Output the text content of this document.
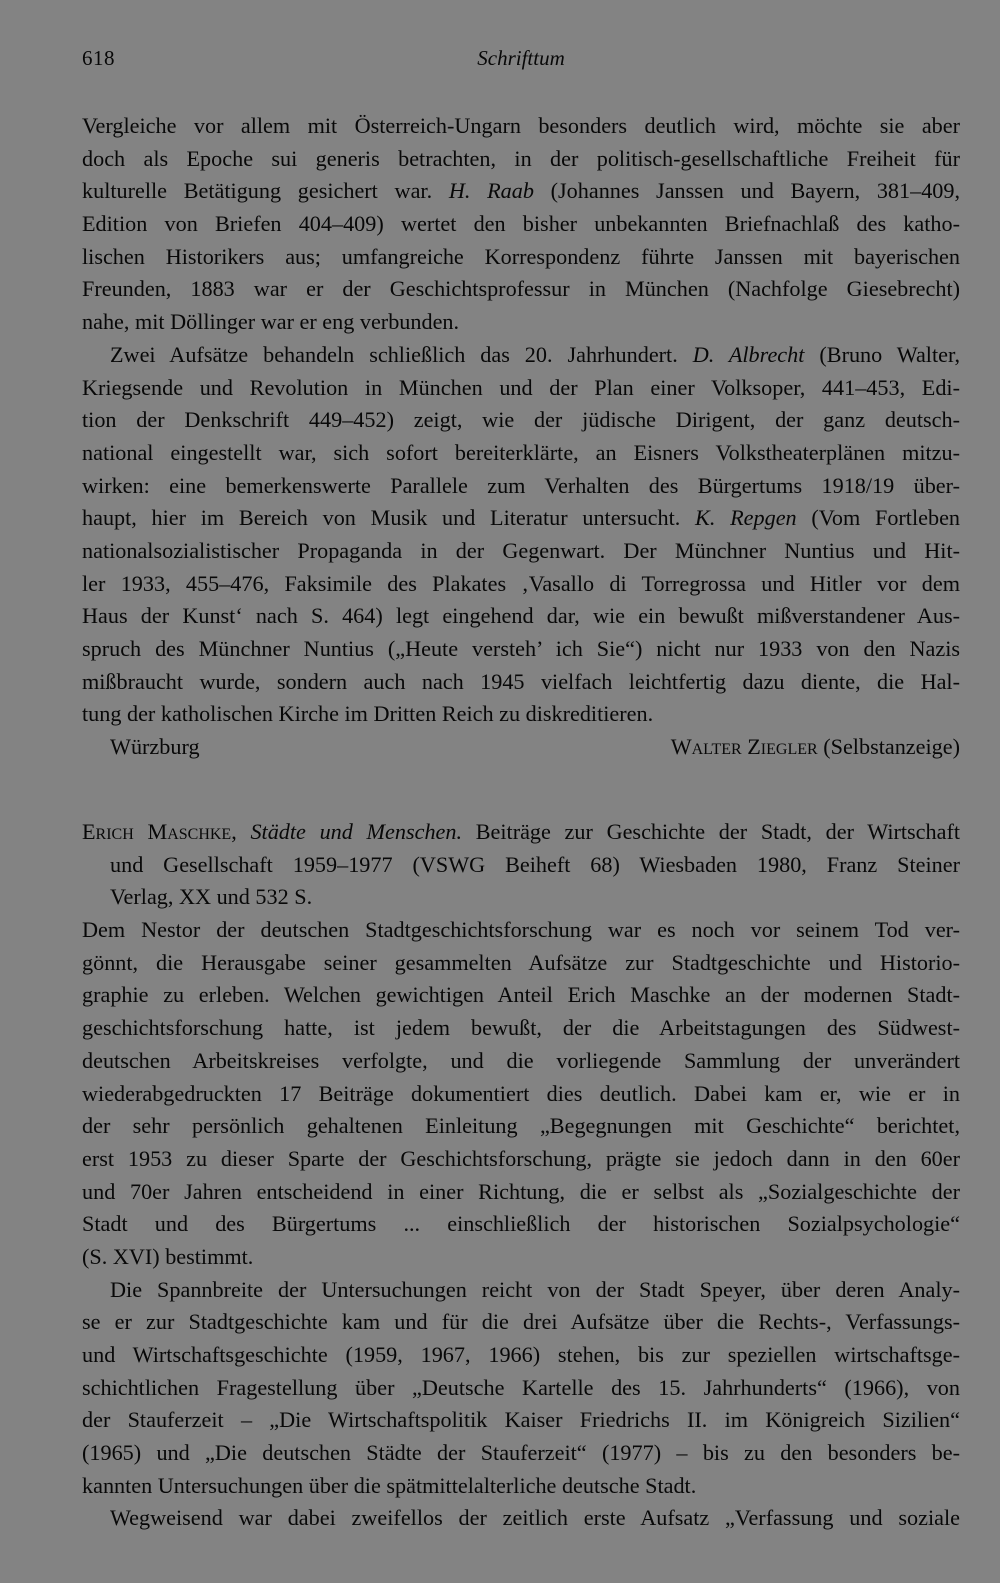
618	Schrifttum
Vergleiche vor allem mit Österreich-Ungarn besonders deutlich wird, möchte sie aber
doch als Epoche sui generis betrachten, in der politisch-gesellschaftliche Freiheit für
kulturelle Betätigung gesichert war. H. Raab (Johannes Janssen und Bayern, 381–409,
Edition von Briefen 404–409) wertet den bisher unbekannten Briefnachlaß des katho-
lischen Historikers aus; umfangreiche Korrespondenz führte Janssen mit bayerischen
Freunden, 1883 war er der Geschichtsprofessur in München (Nachfolge Giesebrecht)
nahe, mit Döllinger war er eng verbunden.
Zwei Aufsätze behandeln schließlich das 20. Jahrhundert. D. Albrecht (Bruno Walter,
Kriegsende und Revolution in München und der Plan einer Volksoper, 441–453, Edi-
tion der Denkschrift 449–452) zeigt, wie der jüdische Dirigent, der ganz deutsch-
national eingestellt war, sich sofort bereiterklärte, an Eisners Volkstheaterplänen mitzu-
wirken: eine bemerkenswerte Parallele zum Verhalten des Bürgertums 1918/19 über-
haupt, hier im Bereich von Musik und Literatur untersucht. K. Repgen (Vom Fortleben
nationalsozialistischer Propaganda in der Gegenwart. Der Münchner Nuntius und Hit-
ler 1933, 455–476, Faksimile des Plakates ‚Vasallo di Torregrossa und Hitler vor dem
Haus der Kunst‘ nach S. 464) legt eingehend dar, wie ein bewußt mißverstandener Aus-
spruch des Münchner Nuntius („Heute versteh’ ich Sie“) nicht nur 1933 von den Nazis
mißbraucht wurde, sondern auch nach 1945 vielfach leichtfertig dazu diente, die Hal-
tung der katholischen Kirche im Dritten Reich zu diskreditieren.
Würzburg	Walter Ziegler (Selbstanzeige)
Erich Maschke, Städte und Menschen. Beiträge zur Geschichte der Stadt, der Wirtschaft
und Gesellschaft 1959–1977 (VSWG Beiheft 68) Wiesbaden 1980, Franz Steiner
Verlag, XX und 532 S.
Dem Nestor der deutschen Stadtgeschichtsforschung war es noch vor seinem Tod ver-
gönnt, die Herausgabe seiner gesammelten Aufsätze zur Stadtgeschichte und Historio-
graphie zu erleben. Welchen gewichtigen Anteil Erich Maschke an der modernen Stadt-
geschichtsforschung hatte, ist jedem bewußt, der die Arbeitstagungen des Südwest-
deutschen Arbeitskreises verfolgte, und die vorliegende Sammlung der unverändert
wiederabgedruckten 17 Beiträge dokumentiert dies deutlich. Dabei kam er, wie er in
der sehr persönlich gehaltenen Einleitung „Begegnungen mit Geschichte“ berichtet,
erst 1953 zu dieser Sparte der Geschichtsforschung, prägte sie jedoch dann in den 60er
und 70er Jahren entscheidend in einer Richtung, die er selbst als „Sozialgeschichte der
Stadt und des Bürgertums ... einschließlich der historischen Sozialpsychologie“
(S. XVI) bestimmt.
Die Spannbreite der Untersuchungen reicht von der Stadt Speyer, über deren Analy-
se er zur Stadtgeschichte kam und für die drei Aufsätze über die Rechts-, Verfassungs-
und Wirtschaftsgeschichte (1959, 1967, 1966) stehen, bis zur speziellen wirtschaftsge-
schichtlichen Fragestellung über „Deutsche Kartelle des 15. Jahrhunderts“ (1966), von
der Stauferzeit – „Die Wirtschaftspolitik Kaiser Friedrichs II. im Königreich Sizilien“
(1965) und „Die deutschen Städte der Stauferzeit“ (1977) – bis zu den besonders be-
kannten Untersuchungen über die spätmittelalterliche deutsche Stadt.
Wegweisend war dabei zweifellos der zeitlich erste Aufsatz „Verfassung und soziale
